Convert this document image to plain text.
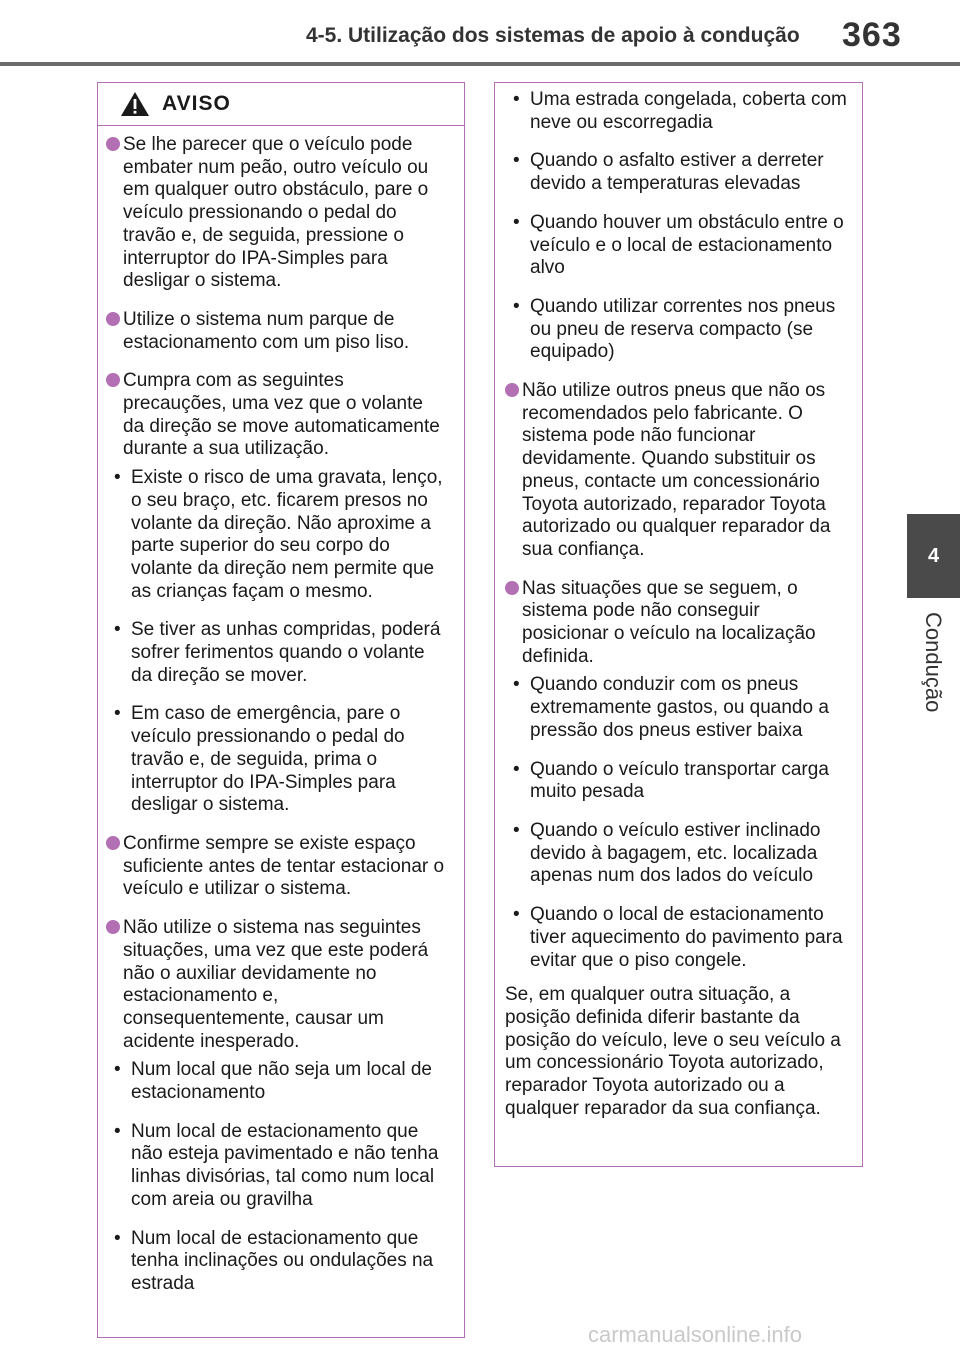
4-5. Utilização dos sistemas de apoio à condução 363
4
Condução
AVISO
Se lhe parecer que o veículo pode embater num peão, outro veículo ou em qualquer outro obstáculo, pare o veículo pressionando o pedal do travão e, de seguida, pressione o interruptor do IPA-Simples para desligar o sistema.
Utilize o sistema num parque de estacionamento com um piso liso.
Cumpra com as seguintes precauções, uma vez que o volante da direção se move automaticamente durante a sua utilização.
• Existe o risco de uma gravata, lenço, o seu braço, etc. ficarem presos no volante da direção. Não aproxime a parte superior do seu corpo do volante da direção nem permite que as crianças façam o mesmo.
• Se tiver as unhas compridas, poderá sofrer ferimentos quando o volante da direção se mover.
• Em caso de emergência, pare o veículo pressionando o pedal do travão e, de seguida, prima o interruptor do IPA-Simples para desligar o sistema.
Confirme sempre se existe espaço suficiente antes de tentar estacionar o veículo e utilizar o sistema.
Não utilize o sistema nas seguintes situações, uma vez que este poderá não o auxiliar devidamente no estacionamento e, consequentemente, causar um acidente inesperado.
• Num local que não seja um local de estacionamento
• Num local de estacionamento que não esteja pavimentado e não tenha linhas divisórias, tal como num local com areia ou gravilha
• Num local de estacionamento que tenha inclinações ou ondulações na estrada
• Uma estrada congelada, coberta com neve ou escorregadia
• Quando o asfalto estiver a derreter devido a temperaturas elevadas
• Quando houver um obstáculo entre o veículo e o local de estacionamento alvo
• Quando utilizar correntes nos pneus ou pneu de reserva compacto (se equipado)
Não utilize outros pneus que não os recomendados pelo fabricante. O sistema pode não funcionar devidamente. Quando substituir os pneus, contacte um concessionário Toyota autorizado, reparador Toyota autorizado ou qualquer reparador da sua confiança.
Nas situações que se seguem, o sistema pode não conseguir posicionar o veículo na localização definida.
• Quando conduzir com os pneus extremamente gastos, ou quando a pressão dos pneus estiver baixa
• Quando o veículo transportar carga muito pesada
• Quando o veículo estiver inclinado devido à bagagem, etc. localizada apenas num dos lados do veículo
• Quando o local de estacionamento tiver aquecimento do pavimento para evitar que o piso congele.

Se, em qualquer outra situação, a posição definida diferir bastante da posição do veículo, leve o seu veículo a um concessionário Toyota autorizado, reparador Toyota autorizado ou a qualquer reparador da sua confiança.

carmanualsonline.info
